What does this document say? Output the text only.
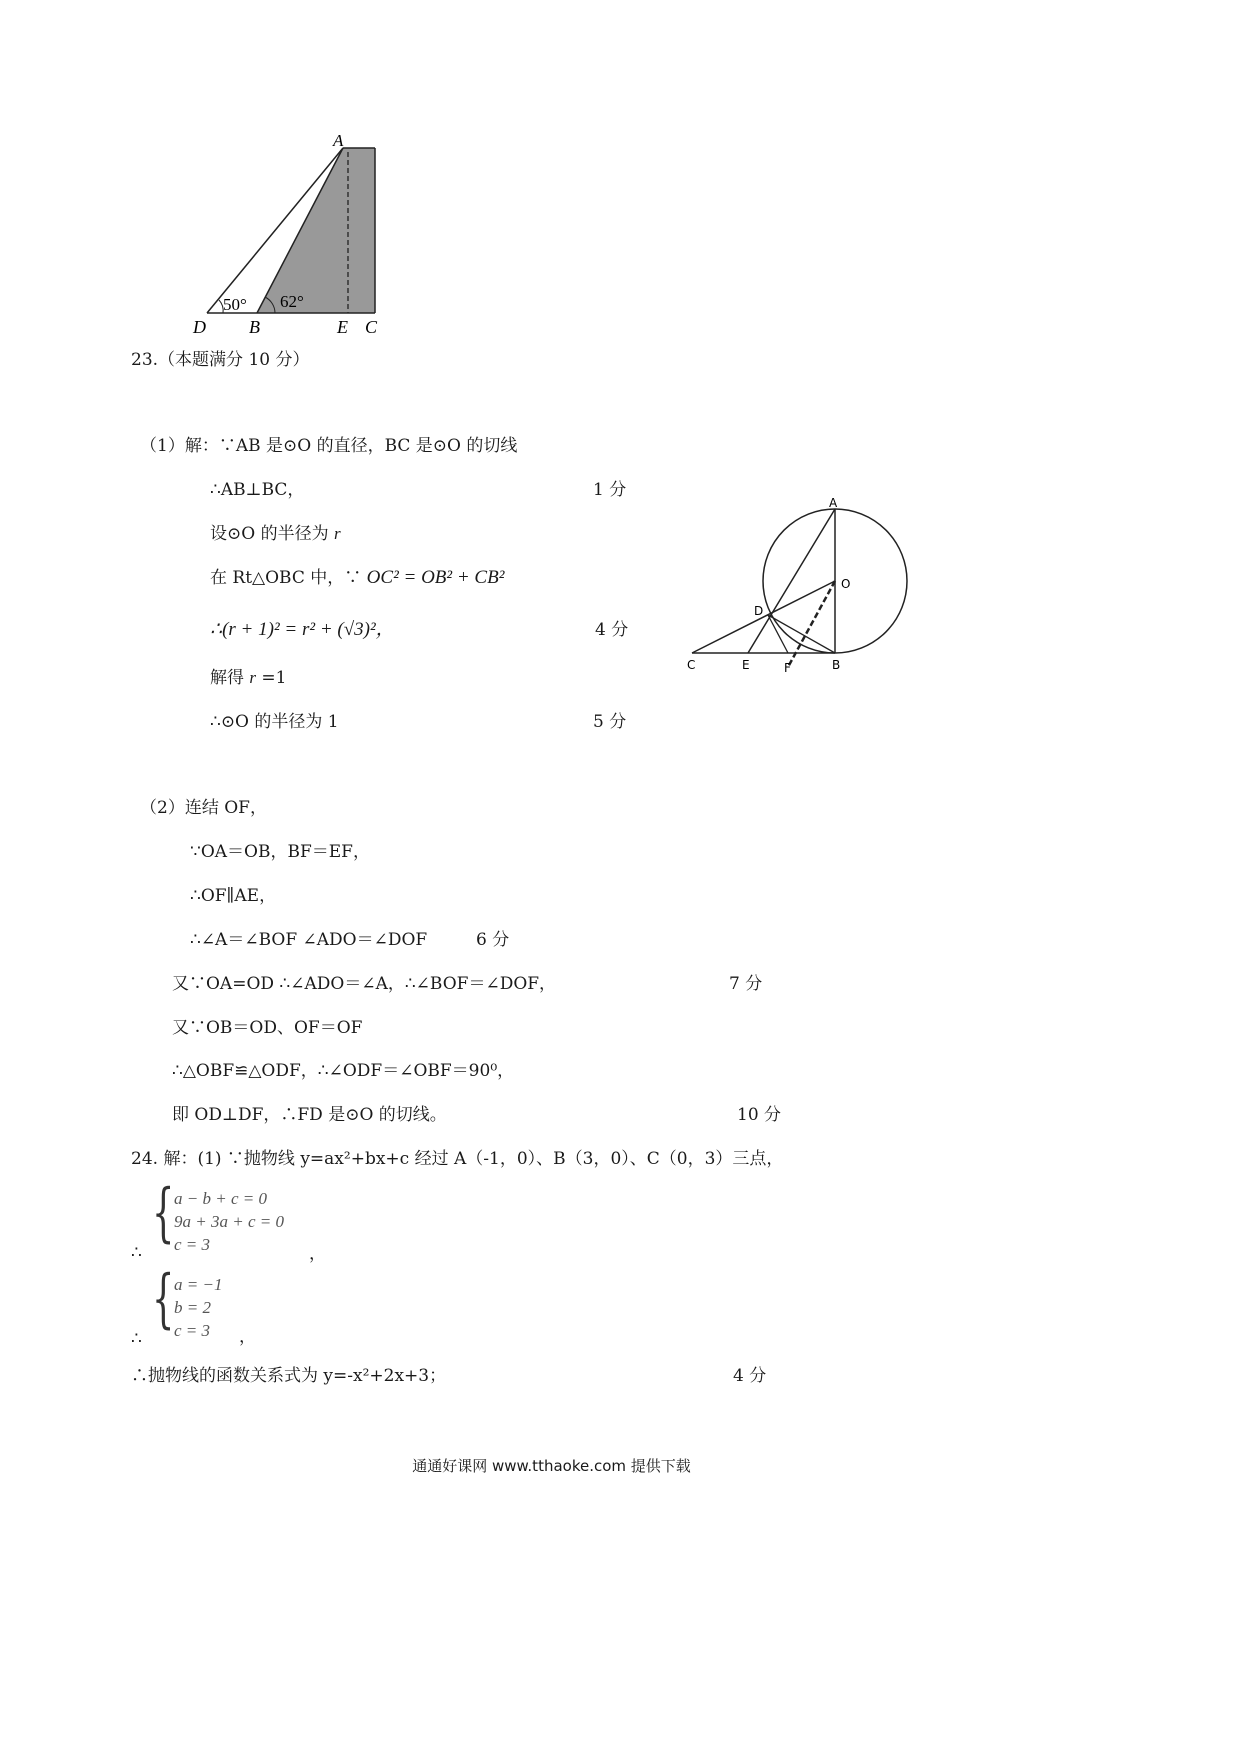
A
D B	E C
50° 62°
23.（本题满分 10 分）
（1）解：∵AB 是⊙O 的直径，BC 是⊙O 的切线
∴AB⊥BC，	1 分
设⊙O 的半径为 r
在 Rt△OBC 中，∵ OC² = OB² + CB²
∴(r + 1)² = r² + (√3)²，	4 分
解得 r =1
∴⊙O 的半径为 1	5 分
A
O
D
C	E	F	B
（2）连结 OF，
∵OA＝OB，BF＝EF，
∴OF∥AE，
∴∠A＝∠BOF ∠ADO＝∠DOF	6 分
又∵OA=OD ∴∠ADO＝∠A，∴∠BOF＝∠DOF，	7 分
又∵OB＝OD、OF＝OF
∴△OBF≌△ODF，∴∠ODF＝∠OBF＝90⁰，
即 OD⊥DF，∴FD 是⊙O 的切线。	10 分
24. 解：(1) ∵抛物线 y=ax²+bx+c 经过 A（-1，0）、B（3，0）、C（0，3）三点，
{ a − b + c = 0
9a + 3a + c = 0
c = 3
∴	，
{ a = −1
b = 2
c = 3
∴	，
∴抛物线的函数关系式为 y=-x²+2x+3；	4 分
通通好课网 www.tthaoke.com 提供下载
